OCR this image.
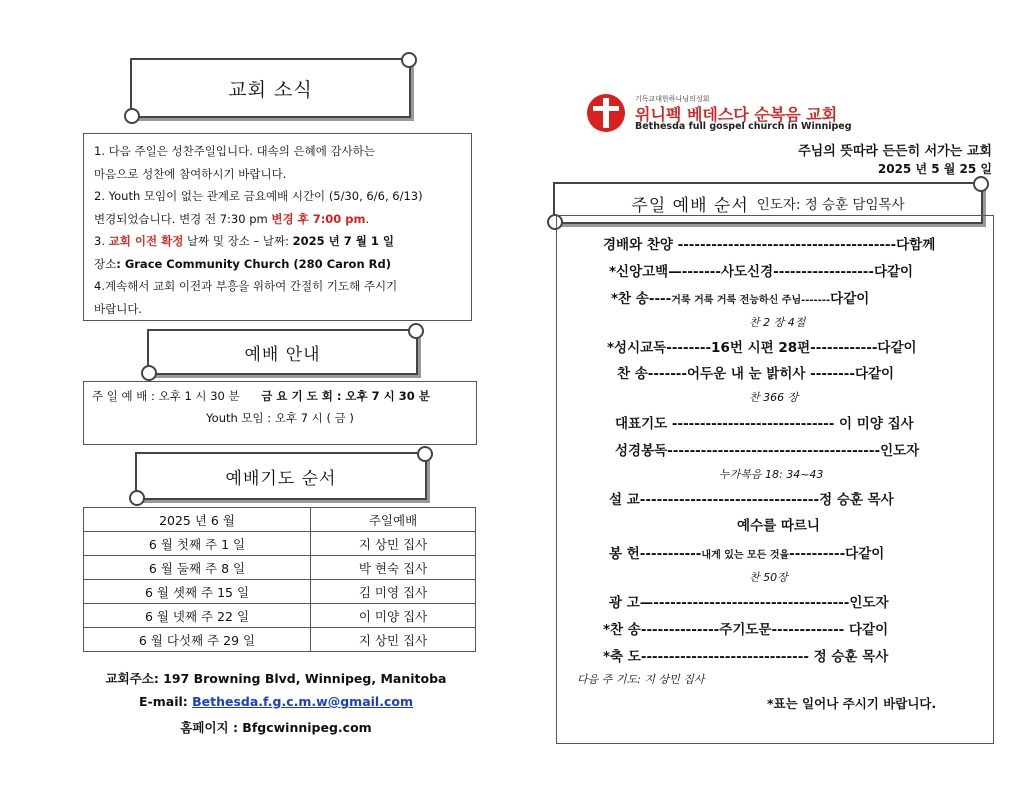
교회 소식
1. 다음 주일은 성찬주일입니다. 대속의 은혜에 감사하는
마음으로 성찬에 참여하시기 바랍니다.
2. Youth 모임이 없는 관계로 금요예배 시간이 (5/30, 6/6, 6/13)
변경되었습니다. 변경 전 7:30 pm 변경 후 7:00 pm.
3. 교회 이전 확정 날짜 및 장소 – 날짜: 2025 년 7 월 1 일
장소: Grace Community Church (280 Caron Rd)
4.계속해서 교회 이전과 부흥을 위하여 간절히 기도해 주시기
바랍니다.
예배 안내
주 일 예 배 : 오후 1 시 30 분 금 요 기 도 회 : 오후 7 시 30 분
Youth 모임 : 오후 7 시 ( 금 )
예배기도 순서
2025 년 6 월	주일예배
6 월 첫째 주 1 일	지 상민 집사
6 월 둘째 주 8 일	박 현숙 집사
6 월 셋째 주 15 일	김 미영 집사
6 월 넷째 주 22 일	이 미양 집사
6 월 다섯째 주 29 일	지 상민 집사
교회주소: 197 Browning Blvd, Winnipeg, Manitoba
E-mail: Bethesda.f.g.c.m.w@gmail.com
홈페이지 : Bfgcwinnipeg.com
기독교대한하나님의성회
위니펙 베데스다 순복음 교회
Bethesda full gospel church in Winnipeg
주님의 뜻따라 든든히 서가는 교회
2025 년 5 월 25 일
주일 예배 순서 인도자: 정 승훈 담임목사
경배와 찬양 ---------------------------------------다함께
*신앙고백—-------사도신경------------------다같이
*찬 송----거룩 거룩 거룩 전능하신 주님-------다같이
찬 2 장 4절
*성시교독--------16번 시편 28편------------다같이
찬 송-------어두운 내 눈 밝히사 --------다같이
찬 366 장
대표기도 ----------------------------- 이 미양 집사
성경봉독--------------------------------------인도자
누가복음 18: 34~43
설 교--------------------------------정 승훈 목사
예수를 따르니
봉 헌-----------내게 있는 모든 것을----------다같이
찬 50장
광 고—-----------------------------------인도자
*찬 송--------------주기도문------------- 다같이
*축 도------------------------------ 정 승훈 목사
다음 주 기도: 지 상민 집사
*표는 일어나 주시기 바랍니다.
